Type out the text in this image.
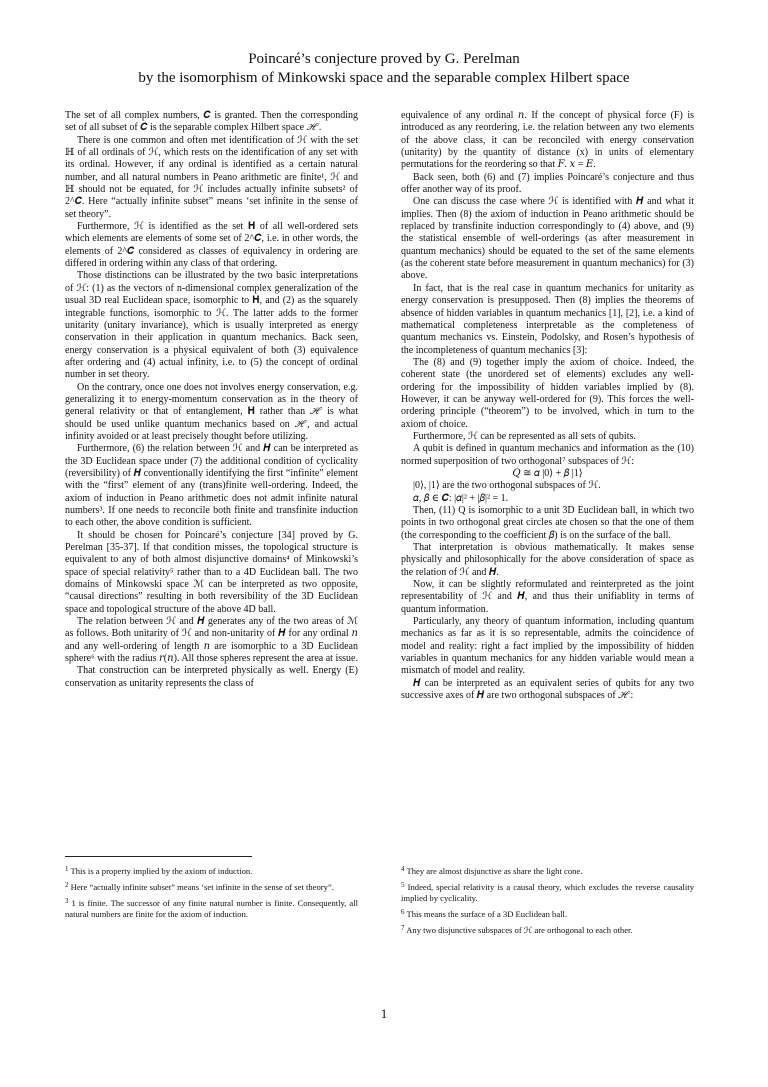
Poincaré’s conjecture proved by G. Perelman
by the isomorphism of Minkowski space and the separable complex Hilbert space

The set of all complex numbers, 𝑪 is granted. Then the corresponding set of all subset of 𝑪 is the separable complex Hilbert space ℋ.

There is one common and often met identification of ℋ with the set ℍ of all ordinals of ℋ, which rests on the identification of any set with its ordinal. However, if any ordinal is identified as a certain natural number, and all natural numbers in Peano arithmetic are finite¹, ℋ and ℍ should not be equated, for ℋ includes actually infinite subsets² of 2^𝑪. Here “actually infinite subset” means ‘set infinite in the sense of set theory”.

Furthermore, ℋ is identified as the set 𝐇 of all well-ordered sets which elements are elements of some set of 2^𝑪, i.e. in other words, the elements of 2^𝑪 considered as classes of equivalency in ordering are differed in ordering within any class of that ordering.

Those distinctions can be illustrated by the two basic interpretations of ℋ: (1) as the vectors of n-dimensional complex generalization of the usual 3D real Euclidean space, isomorphic to 𝐇, and (2) as the squarely integrable functions, isomorphic to ℋ. The latter adds to the former unitarity (unitary invariance), which is usually interpreted as energy conservation in their application in quantum mechanics. Back seen, energy conservation is a physical equivalent of both (3) equivalence after ordering and (4) actual infinity, i.e. to (5) the concept of ordinal number in set theory.

On the contrary, once one does not involves energy conservation, e.g. generalizing it to energy-momentum conservation as in the theory of general relativity or that of entanglement, 𝐇 rather than ℋ is what should be used unlike quantum mechanics based on ℋ, and actual infinity avoided or at least precisely thought before utilizing.

Furthermore, (6) the relation between ℋ and 𝑯 can be interpreted as the 3D Euclidean space under (7) the additional condition of cyclicality (reversibility) of 𝑯 conventionally identifying the first “infinite” element with the “first” element of any (trans)finite well-ordering. Indeed, the axiom of induction in Peano arithmetic does not admit infinite natural numbers³. If one needs to reconcile both finite and transfinite induction to each other, the above condition is sufficient.

It should be chosen for Poincaré’s conjecture [34] proved by G. Perelman [35-37]. If that condition misses, the topological structure is equivalent to any of both almost disjunctive domains⁴ of Minkowski’s space of special relativity⁵ rather than to a 4D Euclidean ball. The two domains of Minkowski space ℳ can be interpreted as two opposite, “causal directions” resulting in both reversibility of the 3D Euclidean space and topological structure of the above 4D ball.

The relation between ℋ and 𝑯 generates any of the two areas of ℳ as follows. Both unitarity of ℋ and non-unitarity of 𝑯 for any ordinal 𝑛 and any well-ordering of length 𝑛 are isomorphic to a 3D Euclidean sphere⁶ with the radius 𝑟(𝑛). All those spheres represent the area at issue.

That construction can be interpreted physically as well. Energy (E) conservation as unitarity represents the class of

equivalence of any ordinal 𝑛. If the concept of physical force (F) is introduced as any reordering, i.e. the relation between any two elements of the above class, it can be reconciled with energy conservation (unitarity) by the quantity of distance (x) in units of elementary permutations for the reordering so that 𝐹. 𝑥 = 𝐸.

Back seen, both (6) and (7) implies Poincaré’s conjecture and thus offer another way of its proof.

One can discuss the case where ℋ is identified with 𝑯 and what it implies. Then (8) the axiom of induction in Peano arithmetic should be replaced by transfinite induction correspondingly to (4) above, and (9) the statistical ensemble of well-orderings (as after measurement in quantum mechanics) should be equated to the set of the same elements (as the coherent state before measurement in quantum mechanics) for (3) above.

In fact, that is the real case in quantum mechanics for unitarity as energy conservation is presupposed. Then (8) implies the theorems of absence of hidden variables in quantum mechanics [1], [2], i.e. a kind of mathematical completeness interpretable as the completeness of quantum mechanics vs. Einstein, Podolsky, and Rosen’s hypothesis of the incompleteness of quantum mechanics [3]:

The (8) and (9) together imply the axiom of choice. Indeed, the coherent state (the unordered set of elements) excludes any well-ordering for the impossibility of hidden variables implied by (8). However, it can be anyway well-ordered for (9). This forces the well-ordering principle (“theorem”) to be involved, which in turn to the axiom of choice.

Furthermore, ℋ can be represented as all sets of qubits.

A qubit is defined in quantum mechanics and information as the (10) normed superposition of two orthogonal⁷ subspaces of ℋ:

𝑄 ≅ 𝛼 |0⟩ + 𝛽 |1⟩

|0⟩, |1⟩ are the two orthogonal subspaces of ℋ.

𝛼, 𝛽 ∈ 𝑪: |𝛼|² + |𝛽|² = 1.

Then, (11) Q is isomorphic to a unit 3D Euclidean ball, in which two points in two orthogonal great circles ate chosen so that the one of them (the corresponding to the coefficient 𝛽) is on the surface of the ball.

That interpretation is obvious mathematically. It makes sense physically and philosophically for the above consideration of space as the relation of ℋ and 𝑯.

Now, it can be slightly reformulated and reinterpreted as the joint representability of ℋ and 𝑯, and thus their unifiablity in terms of quantum information.

Particularly, any theory of quantum information, including quantum mechanics as far as it is so representable, admits the coincidence of model and reality: right a fact implied by the impossibility of hidden variables in quantum mechanics for any hidden variable would mean a mismatch of model and reality.

𝑯 can be interpreted as an equivalent series of qubits for any two successive axes of 𝑯 are two orthogonal subspaces of ℋ:

$^1$ This is a property implied by the axiom of induction.

$^2$ Here “actually infinite subset” means ‘set infinite in the sense of set theory”.

$^3$ 1 is finite. The successor of any finite natural number is finite. Consequently, all natural numbers are finite for the axiom of induction.

$^4$ They are almost disjunctive as share the light cone.

$^5$ Indeed, special relativity is a causal theory, which excludes the reverse causality implied by cyclicality.

$^6$ This means the surface of a 3D Euclidean ball.

$^7$ Any two disjunctive subspaces of ℋ are orthogonal to each other.

1
